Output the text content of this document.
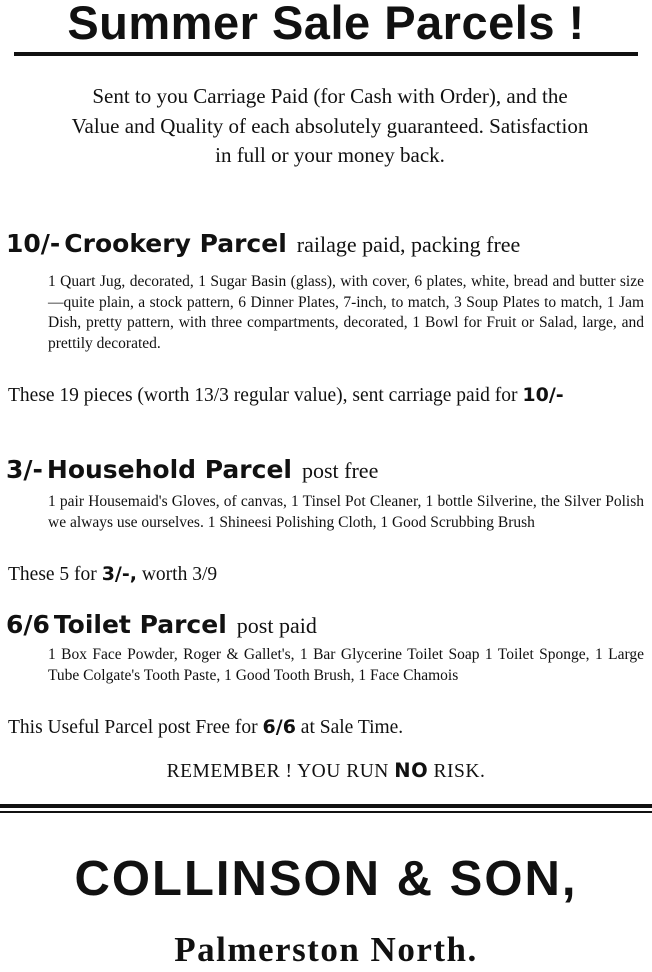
Summer Sale Parcels !

Sent to you Carriage Paid (for Cash with Order), and the Value and Quality of each absolutely guaranteed. Satisfaction in full or your money back.

10/- Crookery Parcel railage paid, packing free

1 Quart Jug, decorated, 1 Sugar Basin (glass), with cover, 6 plates, white, bread and butter size—quite plain, a stock pattern, 6 Dinner Plates, 7-inch, to match, 3 Soup Plates to match, 1 Jam Dish, pretty pattern, with three compartments, decorated, 1 Bowl for Fruit or Salad, large, and prettily decorated.

These 19 pieces (worth 13/3 regular value), sent carriage paid for 10/-

3/- Household Parcel post free

1 pair Housemaid's Gloves, of canvas, 1 Tinsel Pot Cleaner, 1 bottle Silverine, the Silver Polish we always use ourselves. 1 Shineesi Polishing Cloth, 1 Good Scrubbing Brush

These 5 for 3/-, worth 3/9

6/6 Toilet Parcel post paid

1 Box Face Powder, Roger & Gallet's, 1 Bar Glycerine Toilet Soap 1 Toilet Sponge, 1 Large Tube Colgate's Tooth Paste, 1 Good Tooth Brush, 1 Face Chamois

This Useful Parcel post Free for 6/6 at Sale Time.

REMEMBER ! YOU RUN NO RISK.

COLLINSON & SON,
Palmerston North.
